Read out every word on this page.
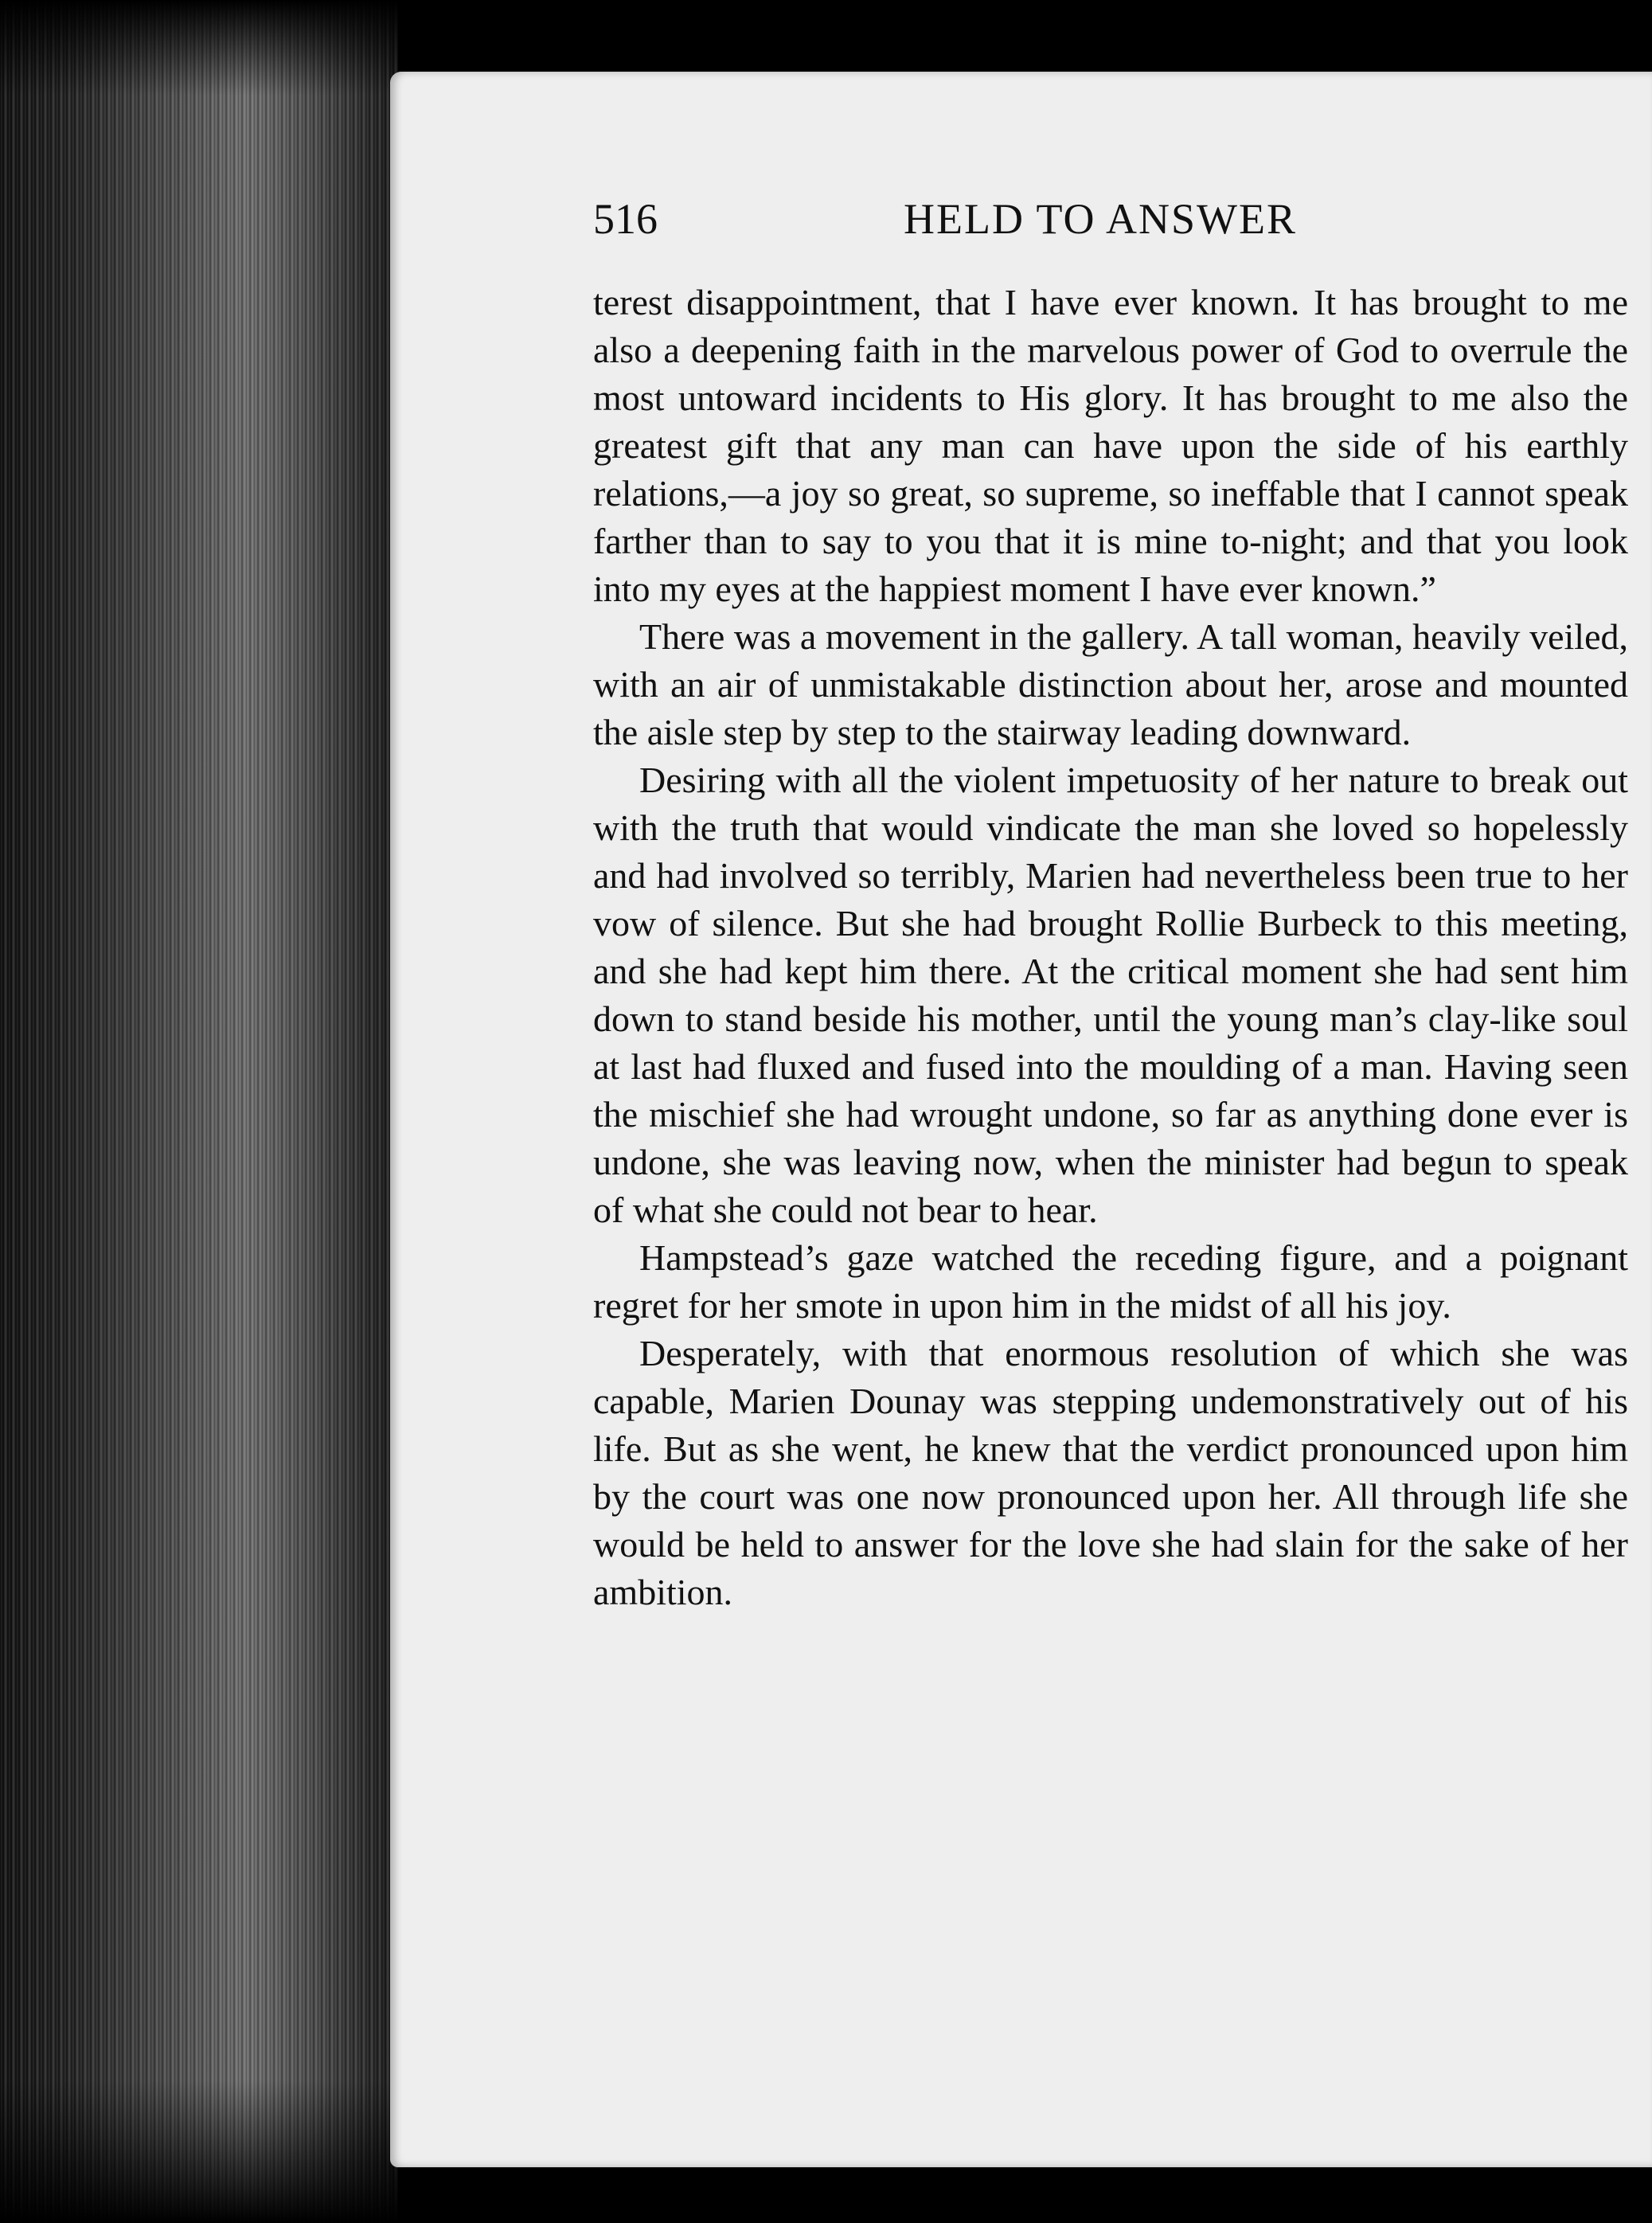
516	HELD TO ANSWER

terest disappointment, that I have ever known. It has brought to me also a deepening faith in the marvelous power of God to overrule the most untoward incidents to His glory. It has brought to me also the greatest gift that any man can have upon the side of his earthly relations,—a joy so great, so supreme, so ineffable that I cannot speak farther than to say to you that it is mine to-night; and that you look into my eyes at the happiest moment I have ever known.”

There was a movement in the gallery. A tall woman, heavily veiled, with an air of unmistakable distinction about her, arose and mounted the aisle step by step to the stairway leading downward.

Desiring with all the violent impetuosity of her nature to break out with the truth that would vindicate the man she loved so hopelessly and had involved so terribly, Marien had nevertheless been true to her vow of silence. But she had brought Rollie Burbeck to this meeting, and she had kept him there. At the critical moment she had sent him down to stand beside his mother, until the young man’s clay-like soul at last had fluxed and fused into the moulding of a man. Having seen the mischief she had wrought undone, so far as anything done ever is undone, she was leaving now, when the minister had begun to speak of what she could not bear to hear.

Hampstead’s gaze watched the receding figure, and a poignant regret for her smote in upon him in the midst of all his joy.

Desperately, with that enormous resolution of which she was capable, Marien Dounay was stepping undemonstratively out of his life. But as she went, he knew that the verdict pronounced upon him by the court was one now pronounced upon her. All through life she would be held to answer for the love she had slain for the sake of her ambition.
